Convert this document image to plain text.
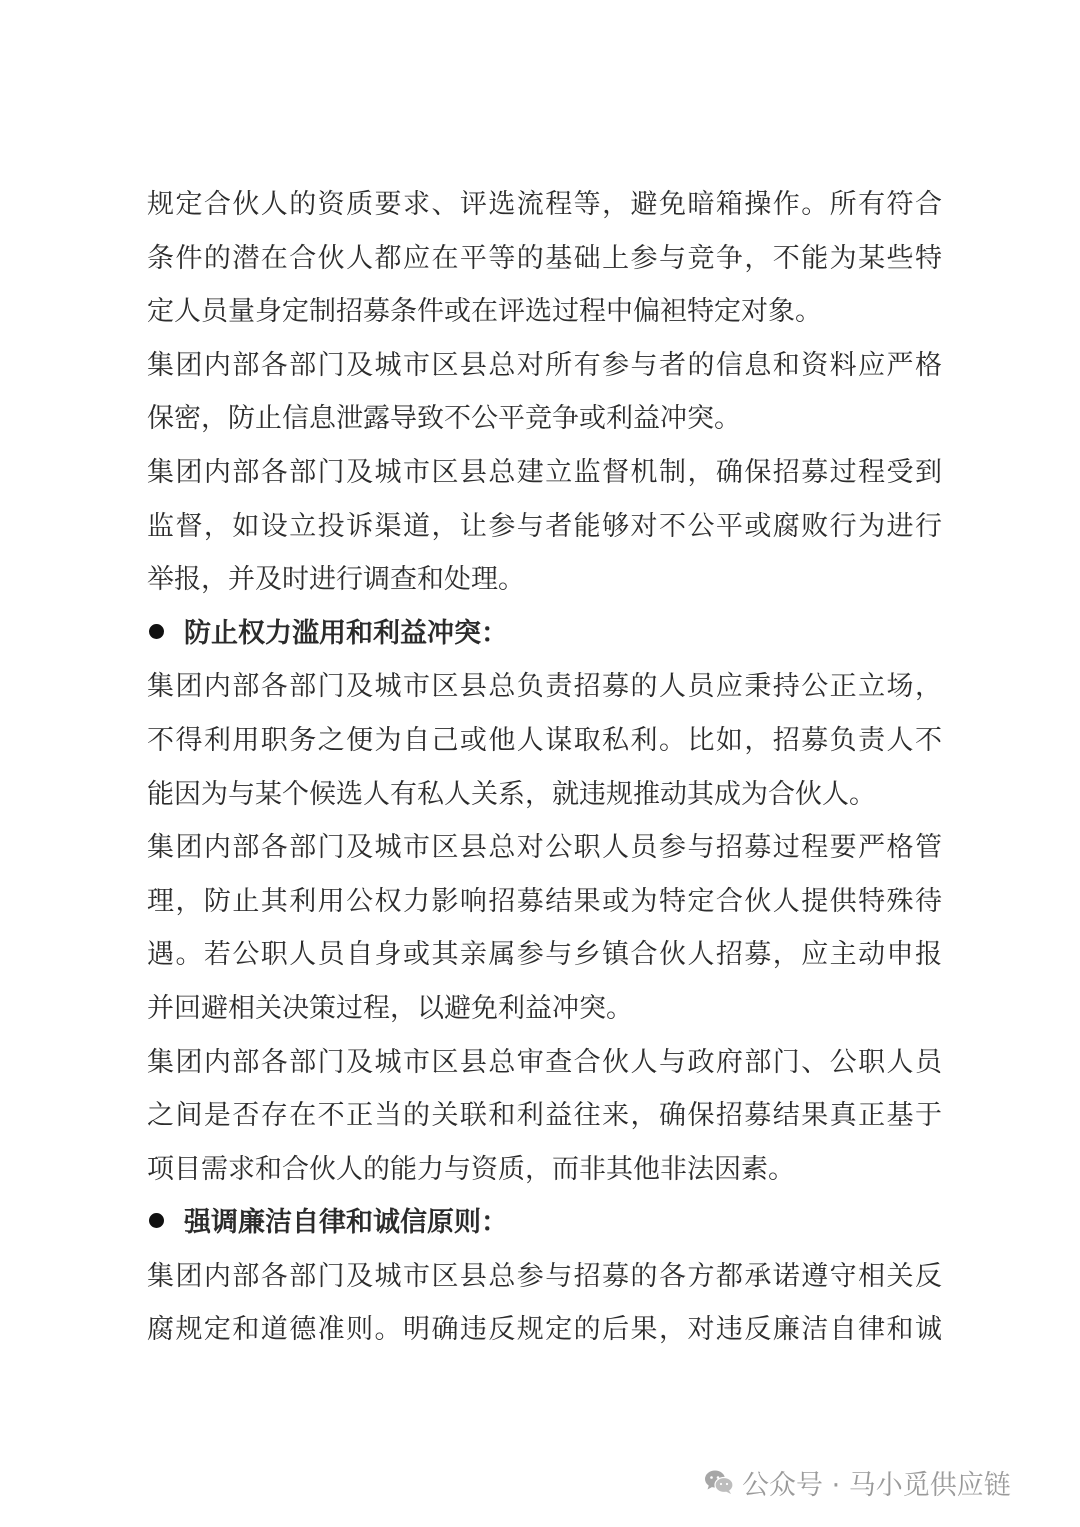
规定合伙人的资质要求、评选流程等，避免暗箱操作。所有符合
条件的潜在合伙人都应在平等的基础上参与竞争，不能为某些特
定人员量身定制招募条件或在评选过程中偏袒特定对象。
集团内部各部门及城市区县总对所有参与者的信息和资料应严格
保密，防止信息泄露导致不公平竞争或利益冲突。
集团内部各部门及城市区县总建立监督机制，确保招募过程受到
监督，如设立投诉渠道，让参与者能够对不公平或腐败行为进行
举报，并及时进行调查和处理。
防止权力滥用和利益冲突：
集团内部各部门及城市区县总负责招募的人员应秉持公正立场，
不得利用职务之便为自己或他人谋取私利。比如，招募负责人不
能因为与某个候选人有私人关系，就违规推动其成为合伙人。
集团内部各部门及城市区县总对公职人员参与招募过程要严格管
理，防止其利用公权力影响招募结果或为特定合伙人提供特殊待
遇。若公职人员自身或其亲属参与乡镇合伙人招募，应主动申报
并回避相关决策过程，以避免利益冲突。
集团内部各部门及城市区县总审查合伙人与政府部门、公职人员
之间是否存在不正当的关联和利益往来，确保招募结果真正基于
项目需求和合伙人的能力与资质，而非其他非法因素。
强调廉洁自律和诚信原则：
集团内部各部门及城市区县总参与招募的各方都承诺遵守相关反
腐规定和道德准则。明确违反规定的后果，对违反廉洁自律和诚
公众号 · 马小觅供应链
